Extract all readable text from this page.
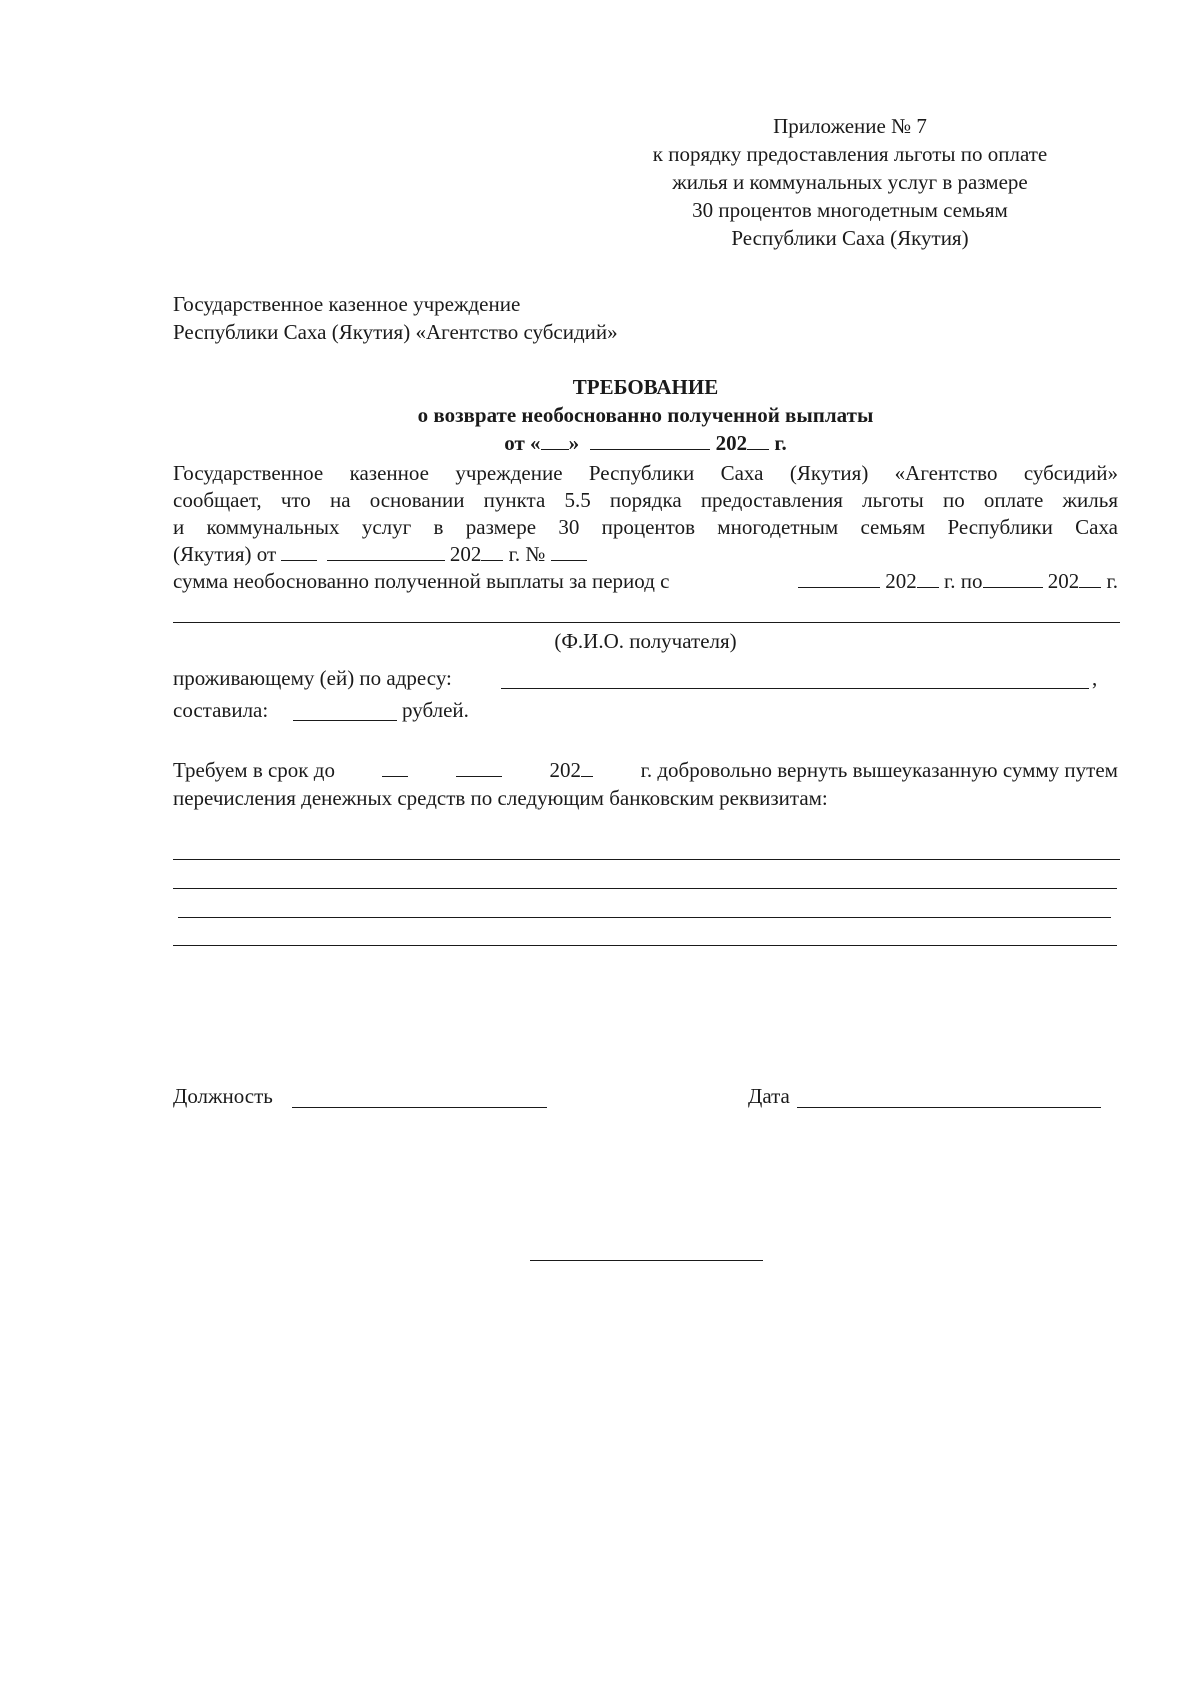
Приложение № 7
к порядку предоставления льготы по оплате
жилья и коммунальных услуг в размере
30 процентов многодетным семьям
Республики Саха (Якутия)
Государственное казенное учреждение
Республики Саха (Якутия) «Агентство субсидий»
ТРЕБОВАНИЕ
о возврате необоснованно полученной выплаты
от « »	202 г.
Государственное казенное учреждение Республики Саха (Якутия) «Агентство субсидий»
сообщает, что на основании пункта 5.5 порядка предоставления льготы по оплате жилья
и коммунальных услуг в размере 30 процентов многодетным семьям Республики Саха
(Якутия) от	202 г. №
сумма необоснованно полученной выплаты за период с	202 г. по	202 г.
(Ф.И.О. получателя)
проживающему (ей) по адресу:	,
составила:	рублей.
Требуем в срок до	202	г. добровольно вернуть вышеуказанную сумму путем
перечисления денежных средств по следующим банковским реквизитам:
Должность	Дата
